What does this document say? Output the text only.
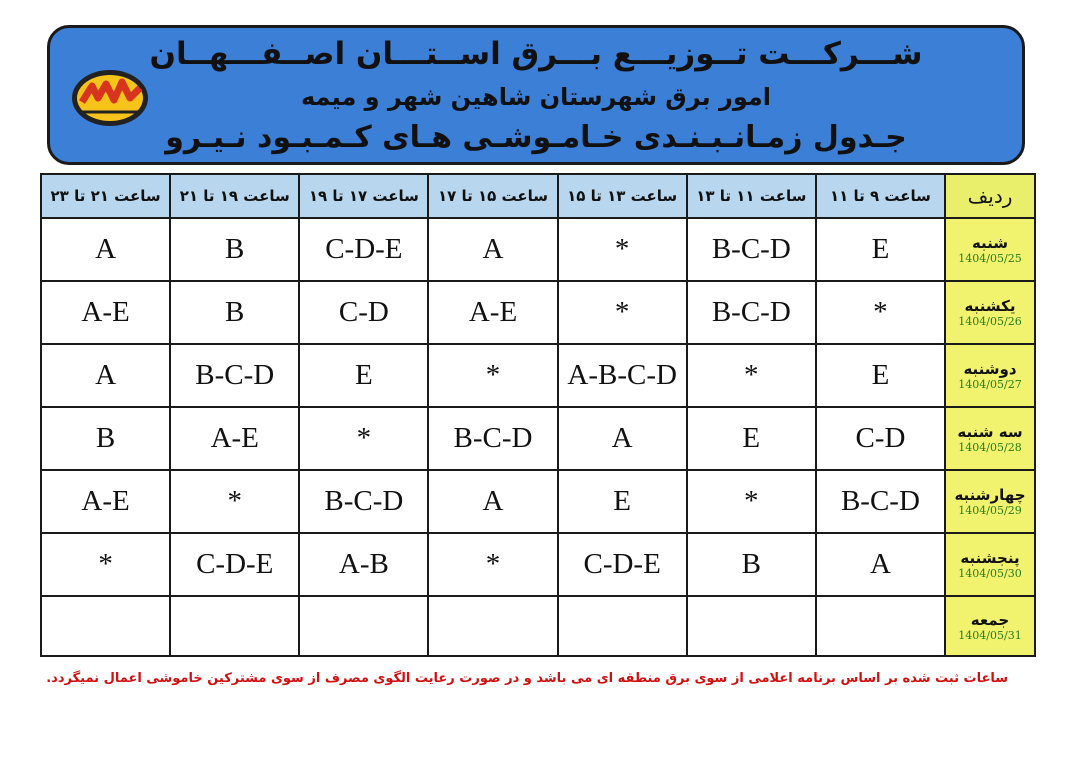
شـــرکـــت تــوزیـــع بـــرق اســتـــان اصــفـــهــان
امور برق شهرستان شاهین شهر و میمه
جـدول زمـانـبـنـدی خـامـوشـی هـای کـمـبـود نـیـرو
ردیف	ساعت ۹ تا ۱۱	ساعت ۱۱ تا ۱۳	ساعت ۱۳ تا ۱۵	ساعت ۱۵ تا ۱۷	ساعت ۱۷ تا ۱۹	ساعت ۱۹ تا ۲۱	ساعت ۲۱ تا ۲۳

شنبه
1404/05/25	E	B-C-D	*	A	C-D-E	B	A

یکشنبه
1404/05/26	*	B-C-D	*	A-E	C-D	B	A-E

دوشنبه
1404/05/27	E	*	A-B-C-D	*	E	B-C-D	A

سه شنبه
1404/05/28	C-D	E	A	B-C-D	*	A-E	B

چهارشنبه
1404/05/29	B-C-D	*	E	A	B-C-D	*	A-E

پنجشنبه
1404/05/30	A	B	C-D-E	*	A-B	C-D-E	*

جمعه
1404/05/31							

ساعات ثبت شده بر اساس برنامه اعلامی از سوی برق منطقه ای می باشد و در صورت رعایت الگوی مصرف از سوی مشترکین خاموشی اعمال نمیگردد.
